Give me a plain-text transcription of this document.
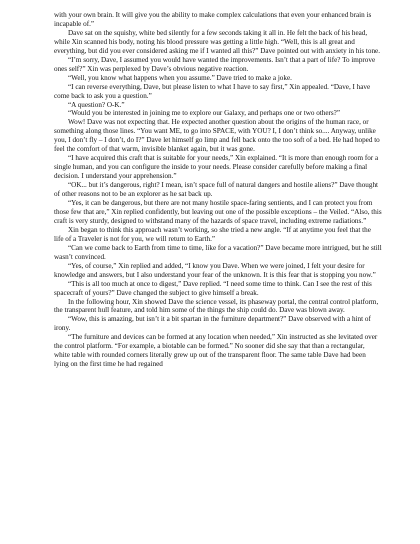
with your own brain. It will give you the ability to make complex calculations that even your enhanced brain is incapable of.”

Dave sat on the squishy, white bed silently for a few seconds taking it all in. He felt the back of his head, while Xin scanned his body, noting his blood pressure was getting a little high. “Well, this is all great and everything, but did you ever considered asking me if I wanted all this?” Dave pointed out with anxiety in his tone.

“I’m sorry, Dave, I assumed you would have wanted the improvements. Isn’t that a part of life? To improve ones self?” Xin was perplexed by Dave’s obvious negative reaction.

“Well, you know what happens when you assume.” Dave tried to make a joke.

“I can reverse everything, Dave, but please listen to what I have to say first,” Xin appealed. “Dave, I have come back to ask you a question.”

“A question? O-K.”

“Would you be interested in joining me to explore our Galaxy, and perhaps one or two others?”

Wow! Dave was not expecting that. He expected another question about the origins of the human race, or something along those lines. “You want ME, to go into SPACE, with YOU? I, I don’t think so.... Anyway, unlike you, I don’t fly – I don’t, do I?” Dave let himself go limp and fell back onto the too soft of a bed. He had hoped to feel the comfort of that warm, invisible blanket again, but it was gone.

“I have acquired this craft that is suitable for your needs,” Xin explained. “It is more than enough room for a single human, and you can configure the inside to your needs. Please consider carefully before making a final decision. I understand your apprehension.”

“OK... but it’s dangerous, right? I mean, isn’t space full of natural dangers and hostile aliens?” Dave thought of other reasons not to be an explorer as he sat back up.

“Yes, it can be dangerous, but there are not many hostile space-faring sentients, and I can protect you from those few that are,” Xin replied confidently, but leaving out one of the possible exceptions – the Veiled. “Also, this craft is very sturdy, designed to withstand many of the hazards of space travel, including extreme radiations.”

Xin began to think this approach wasn’t working, so she tried a new angle. “If at anytime you feel that the life of a Traveler is not for you, we will return to Earth.”

“Can we come back to Earth from time to time, like for a vacation?” Dave became more intrigued, but he still wasn’t convinced.

“Yes, of course,” Xin replied and added, “I know you Dave. When we were joined, I felt your desire for knowledge and answers, but I also understand your fear of the unknown. It is this fear that is stopping you now.”

“This is all too much at once to digest,” Dave replied. “I need some time to think. Can I see the rest of this spacecraft of yours?” Dave changed the subject to give himself a break.

In the following hour, Xin showed Dave the science vessel, its phaseway portal, the central control platform, the transparent hull feature, and told him some of the things the ship could do. Dave was blown away.

“Wow, this is amazing, but isn’t it a bit spartan in the furniture department?” Dave observed with a hint of irony.

“The furniture and devices can be formed at any location when needed,” Xin instructed as she levitated over the control platform. “For example, a biotable can be formed.” No sooner did she say that than a rectangular, white table with rounded corners literally grew up out of the transparent floor. The same table Dave had been lying on the first time he had regained
